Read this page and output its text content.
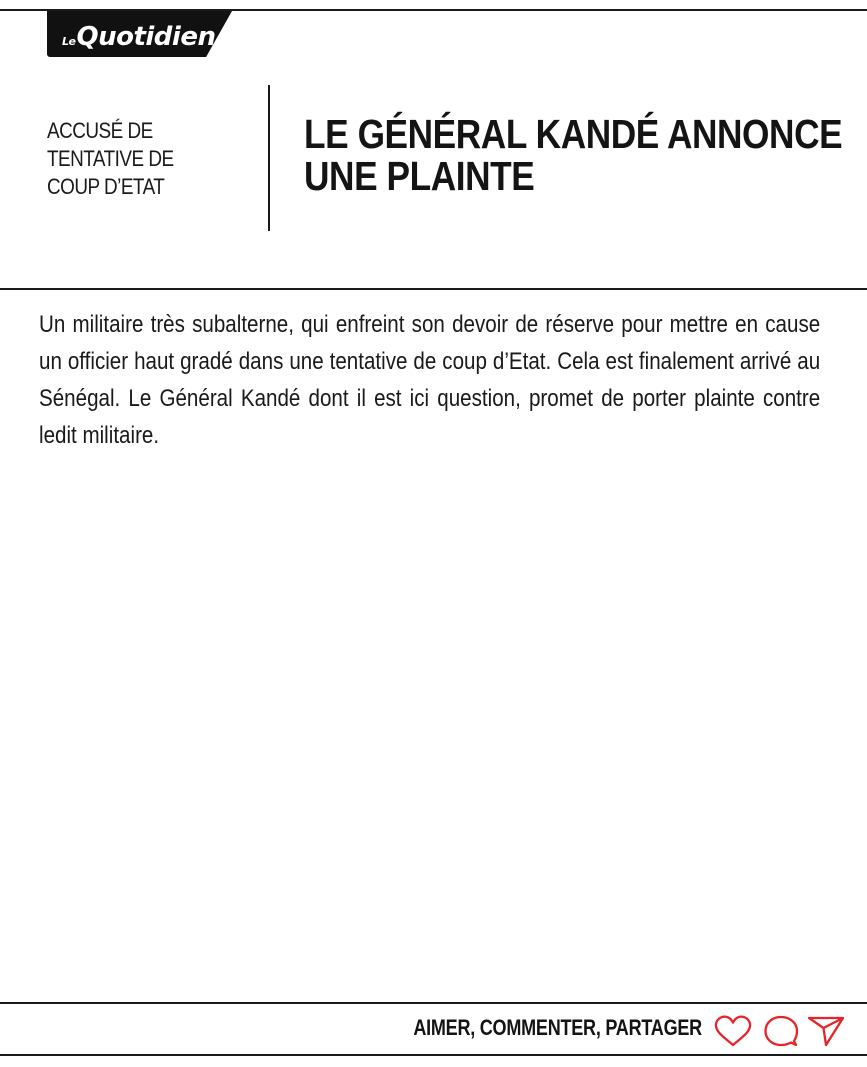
Le Quotidien
ACCUSÉ DE TENTATIVE DE COUP D’ETAT
LE GÉNÉRAL KANDÉ ANNONCE UNE PLAINTE

Un militaire très subalterne, qui enfreint son devoir de réserve pour mettre en cause un officier haut gradé dans une tentative de coup d’Etat. Cela est finalement arrivé au Sénégal. Le Général Kandé dont il est ici question, promet de porter plainte contre ledit militaire.

AIMER, COMMENTER, PARTAGER
